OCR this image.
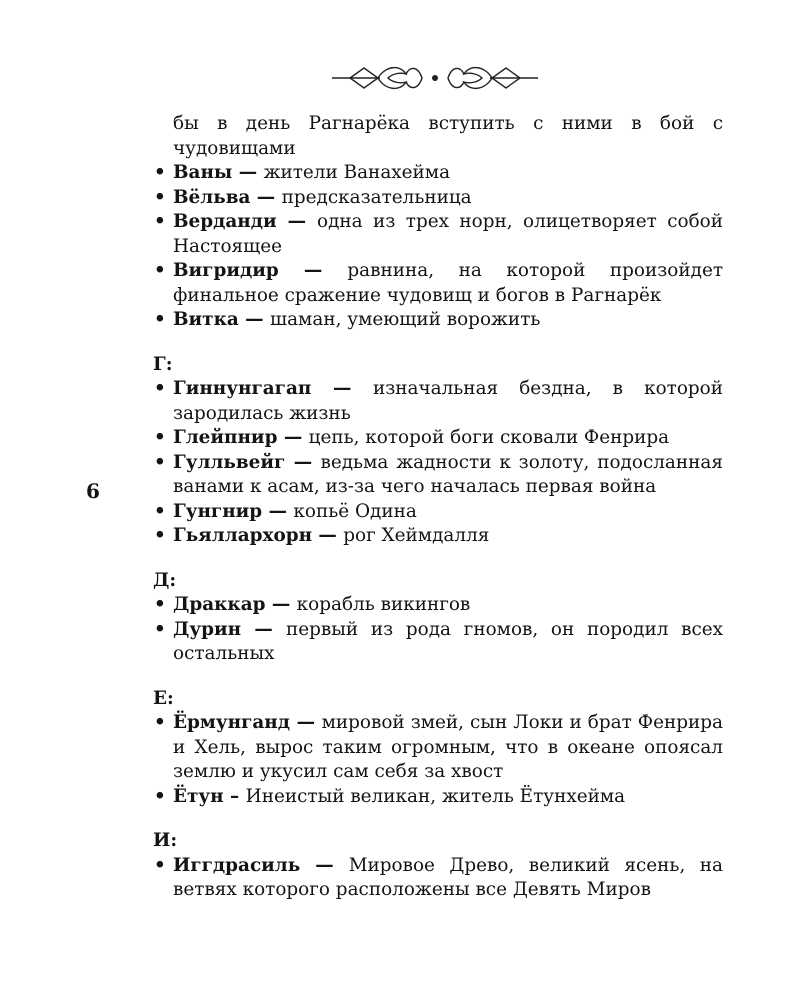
6

бы в день Рагнарёка вступить с ними в бой с чудовищами

• Ваны — жители Ванахейма

• Вёльва — предсказательница

• Верданди — одна из трех норн, олицетворяет собой Настоящее

• Вигридир — равнина, на которой произойдет финальное сражение чудовищ и богов в Рагнарёк

• Витка — шаман, умеющий ворожить

Г:

• Гиннунгагап — изначальная бездна, в которой зародилась жизнь

• Глейпнир — цепь, которой боги сковали Фенрира

• Гулльвейг — ведьма жадности к золоту, подосланная ванами к асам, из-за чего началась первая война

• Гунгнир — копьё Одина

• Гьяллархорн — рог Хеймдалля

Д:

• Драккар — корабль викингов

• Дурин — первый из рода гномов, он породил всех остальных

Е:

• Ёрмунганд — мировой змей, сын Локи и брат Фенрира и Хель, вырос таким огромным, что в океане опоясал землю и укусил сам себя за хвост

• Ётун – Инеистый великан, житель Ётунхейма

И:

• Иггдрасиль — Мировое Древо, великий ясень, на ветвях которого расположены все Девять Миров
